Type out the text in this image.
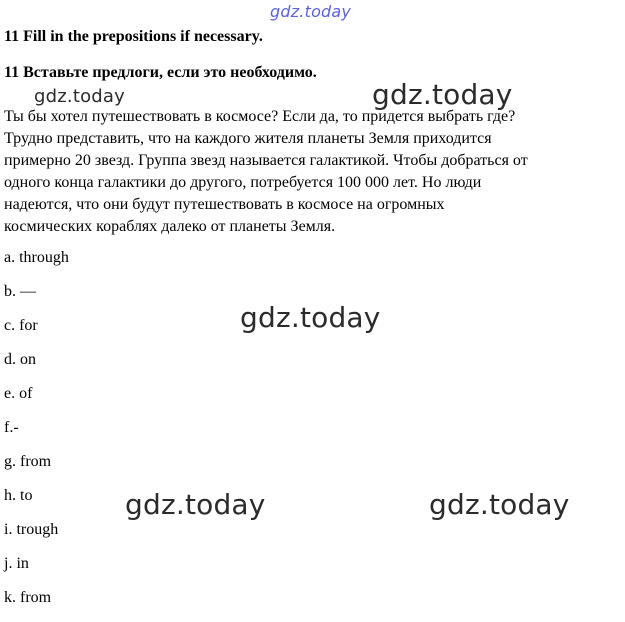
gdz.today
11 Fill in the prepositions if necessary.
11 Вставьте предлоги, если это необходимо.
Ты бы хотел путешествовать в космосе? Если да, то придется выбрать где?
Трудно представить, что на каждого жителя планеты Земля приходится
примерно 20 звезд. Группа звезд называется галактикой. Чтобы добраться от
одного конца галактики до другого, потребуется 100 000 лет. Но люди
надеются, что они будут путешествовать в космосе на огромных
космических кораблях далеко от планеты Земля.
gdz.today	gdz.today
a. through
b. —
c. for
d. on
e. of
f.-
g. from
h. to
i. trough
j. in
k. from
gdz.today
gdz.today	gdz.today
